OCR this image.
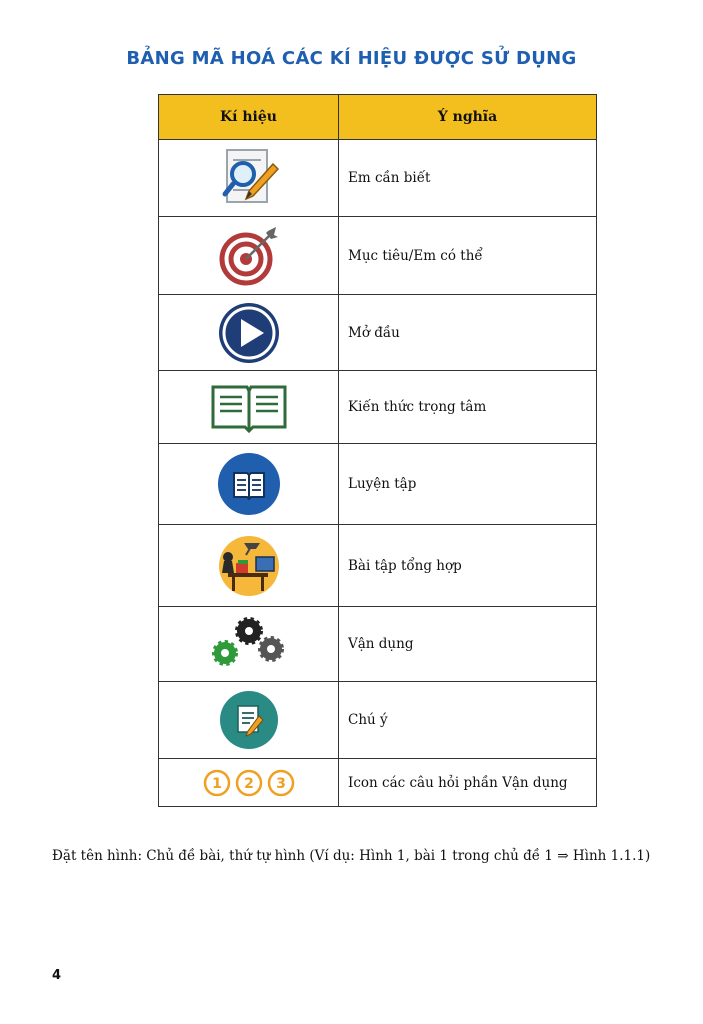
BẢNG MÃ HOÁ CÁC KÍ HIỆU ĐƯỢC SỬ DỤNG
Kí hiệu	Ý nghĩa

	Em cần biết

	Mục tiêu/Em có thể

	Mở đầu

	Kiến thức trọng tâm

	Luyện tập

	Bài tập tổng hợp

	Vận dụng

	Chú ý

1 2 3	Icon các câu hỏi phần Vận dụng
Đặt tên hình: Chủ đề bài, thứ tự hình (Ví dụ: Hình 1, bài 1 trong chủ đề 1 ⇒ Hình 1.1.1)
4
